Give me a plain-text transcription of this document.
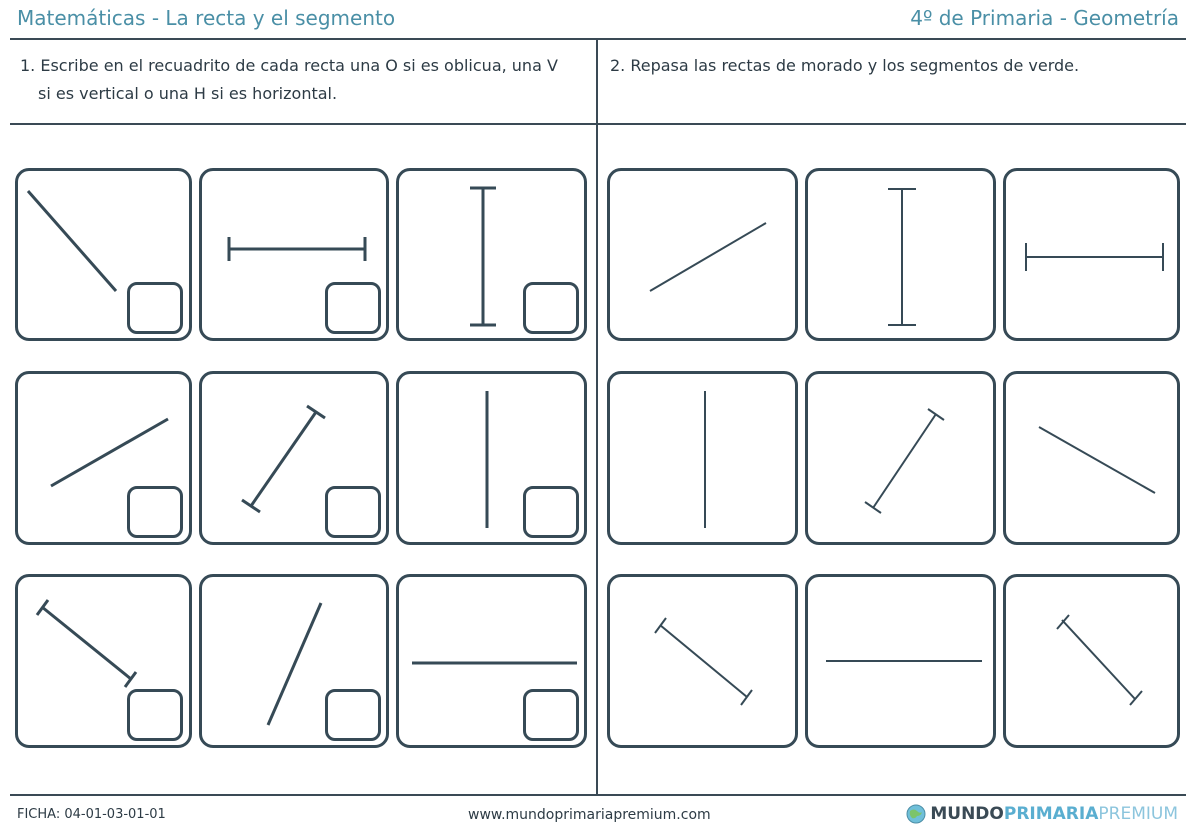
Matemáticas - La recta y el segmento	4º de Primaria - Geometría
1. Escribe en el recuadrito de cada recta una O si es oblicua, una V
si es vertical o una H si es horizontal.
2. Repasa las rectas de morado y los segmentos de verde.
FICHA: 04-01-03-01-01	www.mundoprimariapremium.com	MUNDO PRIMARIA PREMIUM
